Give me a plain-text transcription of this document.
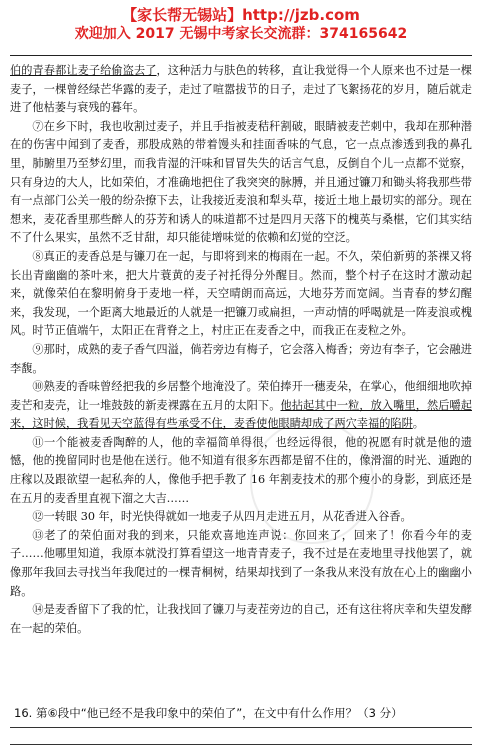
【家长帮无锡站】http://jzb.com
欢迎加入 2017 无锡中考家长交流群：374165642

伯的青春都让麦子给偷盗去了，这种活力与肤色的转移，直让我觉得一个人原来也不过是一棵麦子，一棵曾经绿芒华露的麦子，走过了喧嚣拔节的日子，走过了飞絮扬花的岁月，随后就走进了他枯萎与衰残的暮年。

⑦在乡下时，我也收割过麦子，并且手指被麦秸秆割破，眼睛被麦芒刺中，我却在那种潜在的伤害中闻到了麦香，那股成熟的带着馒头和挂面香味的气息，它一点点渗透到我的鼻孔里，肺腑里乃至梦幻里，而我肯湿的汗味和冒冒失失的话言气息，反倒自个儿一点都不觉察，只有身边的大人，比如荣伯，才准确地把住了我突突的脉膊，并且通过镰刀和锄头将我那些带有一点部门公关一般的纷杂撩下去，让我接近麦浪和犁头草，接近土地上最切实的部分。现在想来，麦花香里那些醉人的芬芳和诱人的味道都不过是四月天落下的槐英与桑椹，它们其实结不了什么果实，虽然不乏甘甜，却只能徒增味觉的依赖和幻觉的空泛。

⑧真正的麦香总是与镰刀在一起，与即将到来的梅雨在一起。不久，荣伯新剪的茶裸又将长出青幽幽的茶叶来，把大片蓑黄的麦子衬托得分外醒目。然而，整个村子在这时才激动起来，就像荣伯在黎明俯身于麦地一样，天空晴朗而高远，大地芬芳而宽阔。当青春的梦幻醒来，我发现，一个距离大地最近的人就是一把镰刀或扁担，一声动情的呼喝就是一阵麦浪或槐风。时节正值端午，太阳正在背脊之上，村庄正在麦香之中，而我正在麦粒之外。

⑨那时，成熟的麦子香气四溢，倘若旁边有梅子，它会落入梅香；旁边有李子，它会融进李馥。

⑩熟麦的香味曾经把我的乡居整个地淹没了。荣伯捧开一穗麦朵，在掌心，他细细地吹掉麦芒和麦壳，让一堆鼓鼓的新麦裸露在五月的太阳下。他拈起其中一粒，放入嘴里，然后嚼起来，这时候，我看见天空蓝得有些承受不住，麦香使他眼睛却成了两穴幸福的陷阱。

⑪一个能被麦香陶醉的人，他的幸福简单得很，也经远得很，他的祝愿有时就是他的遗憾，他的挽留同时也是他在送行。他不知道有很多东西都是留不住的，像滑溜的时光、遁跑的庄稼以及跟欲望一起私奔的人，像他手把手教了 16 年割麦技术的那个瘦小的身影，到底还是在五月的麦香里直视下溜之大吉……

⑫一转眼 30 年，时光快得就如一地麦子从四月走进五月，从花香进入谷香。

⑬老了的荣伯面对我的到来，只能欢喜地连声说：你回来了，回来了！你看今年的麦子……他哪里知道，我原本就没打算看望这一地青青麦子，我不过是在麦地里寻找他罢了，就像那年我回去寻找当年我爬过的一棵青桐树，结果却找到了一条我从来没有放在心上的幽幽小路。

⑭是麦香留下了我的忙，让我找回了镰刀与麦茬旁边的自己，还有这往将庆幸和失望发酵在一起的荣伯。

16. 第⑥段中“他已经不是我印象中的荣伯了”，在文中有什么作用？（3 分）
